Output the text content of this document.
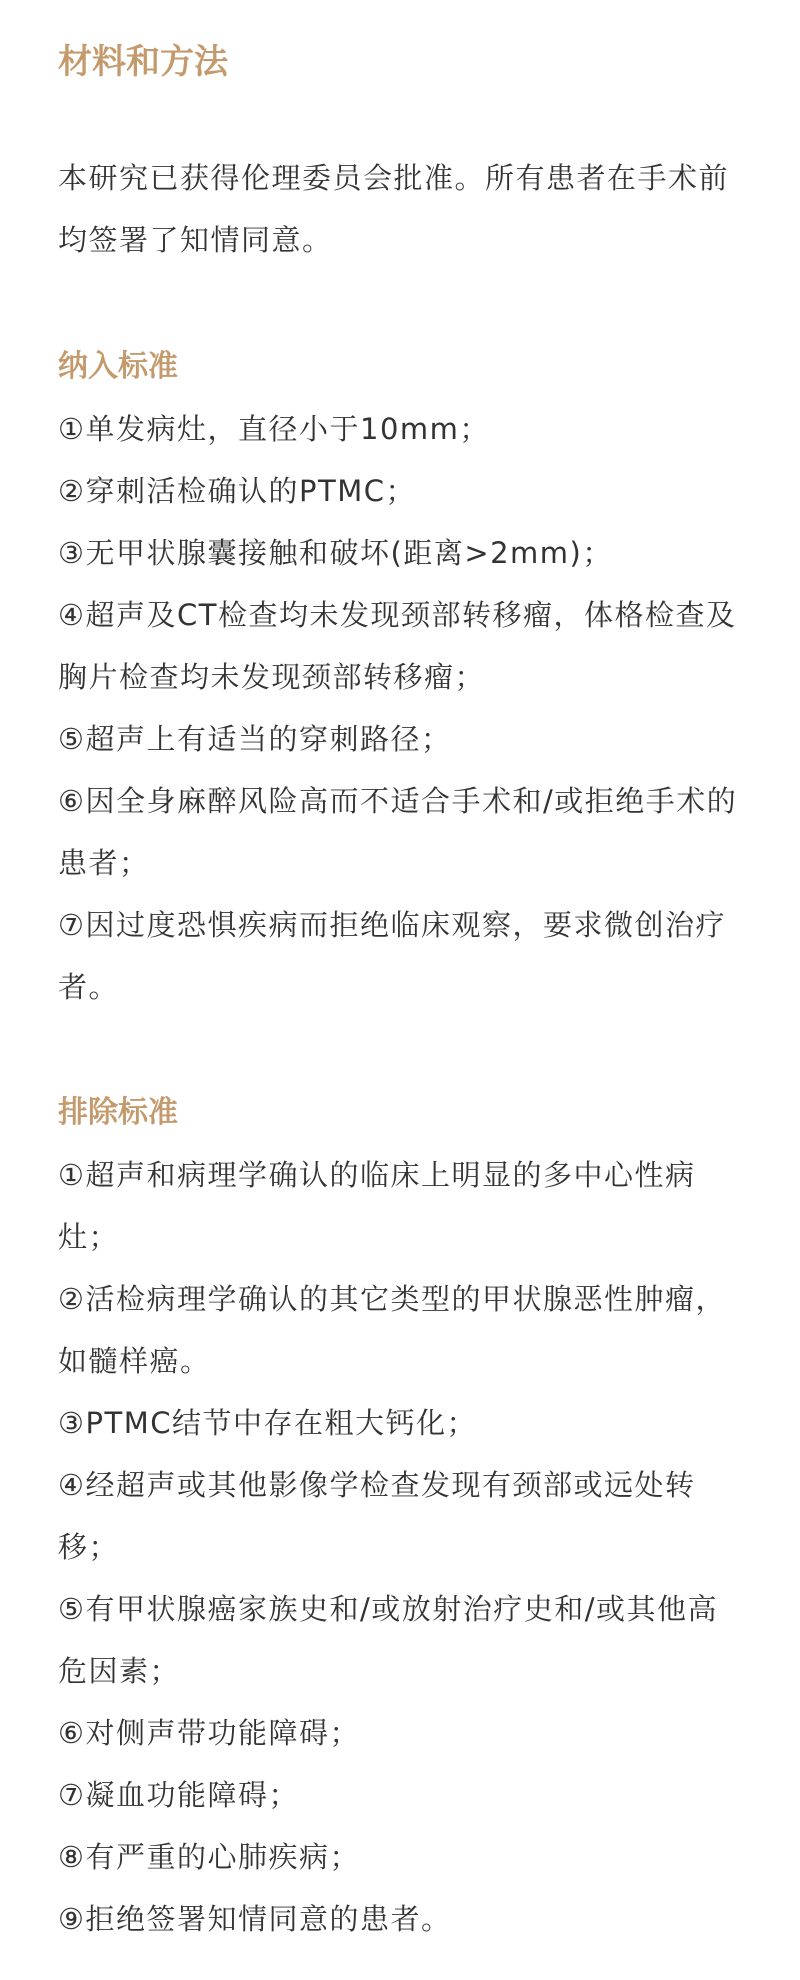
材料和方法
本研究已获得伦理委员会批准。所有患者在手术前均签署了知情同意。
纳入标准
①单发病灶，直径小于10mm；
②穿刺活检确认的PTMC；
③无甲状腺囊接触和破坏(距离>2mm)；
④超声及CT检查均未发现颈部转移瘤，体格检查及胸片检查均未发现颈部转移瘤；
⑤超声上有适当的穿刺路径；
⑥因全身麻醉风险高而不适合手术和/或拒绝手术的患者；
⑦因过度恐惧疾病而拒绝临床观察，要求微创治疗者。
排除标准
①超声和病理学确认的临床上明显的多中心性病灶；
②活检病理学确认的其它类型的甲状腺恶性肿瘤，如髓样癌。
③PTMC结节中存在粗大钙化；
④经超声或其他影像学检查发现有颈部或远处转移；
⑤有甲状腺癌家族史和/或放射治疗史和/或其他高危因素；
⑥对侧声带功能障碍；
⑦凝血功能障碍；
⑧有严重的心肺疾病；
⑨拒绝签署知情同意的患者。
